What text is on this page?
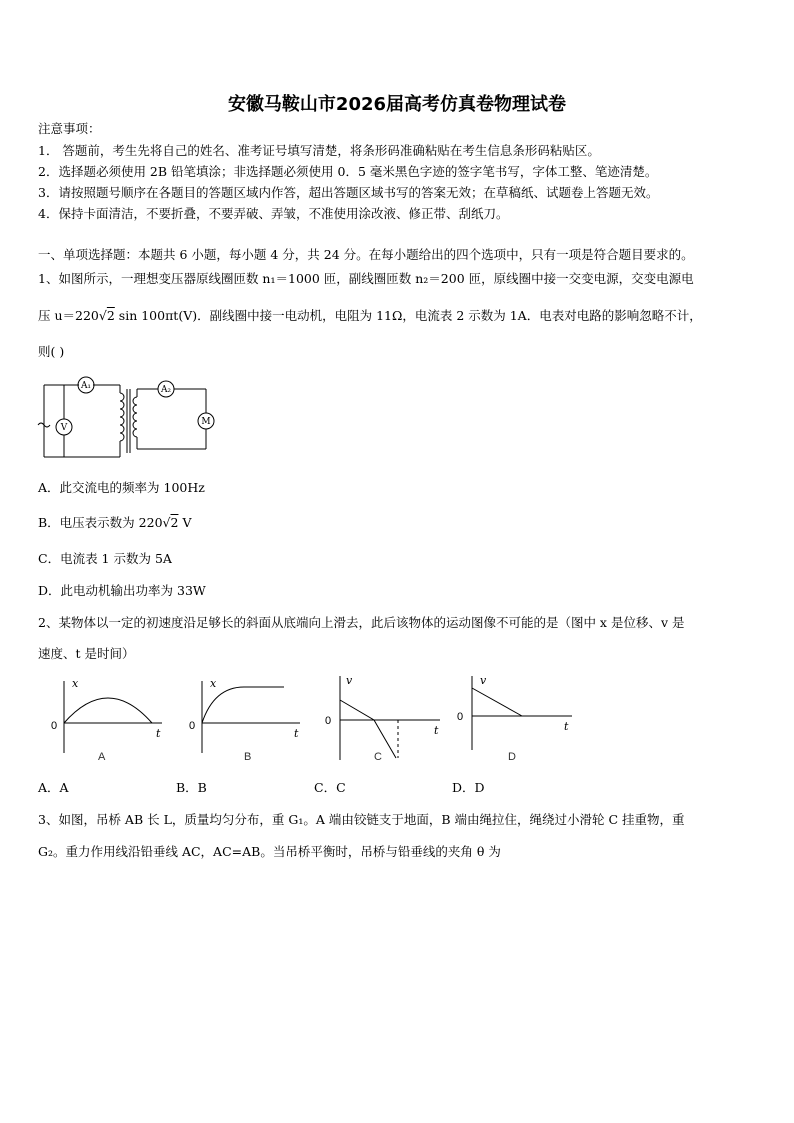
安徽马鞍山市2026届高考仿真卷物理试卷
注意事项：
1． 答题前，考生先将自己的姓名、准考证号填写清楚，将条形码准确粘贴在考生信息条形码粘贴区。
2．选择题必须使用 2B 铅笔填涂；非选择题必须使用 0．5 毫米黑色字迹的签字笔书写，字体工整、笔迹清楚。
3．请按照题号顺序在各题目的答题区域内作答，超出答题区域书写的答案无效；在草稿纸、试题卷上答题无效。
4．保持卡面清洁，不要折叠，不要弄破、弄皱，不准使用涂改液、修正带、刮纸刀。
一、单项选择题：本题共 6 小题，每小题 4 分，共 24 分。在每小题给出的四个选项中，只有一项是符合题目要求的。
1、如图所示，一理想变压器原线圈匝数 n₁＝1000 匝，副线圈匝数 n₂＝200 匝，原线圈中接一交变电源，交变电源电
压 u＝220√2 sin 100πt(V)．副线圈中接一电动机，电阻为 11Ω，电流表 2 示数为 1A．电表对电路的影响忽略不计，
则( )
A₁
V
A₂
M
A．此交流电的频率为 100Hz
B．电压表示数为 220√2 V
C．电流表 1 示数为 5A
D．此电动机输出功率为 33W
2、某物体以一定的初速度沿足够长的斜面从底端向上滑去，此后该物体的运动图像不可能的是（图中 x 是位移、v 是
速度、t 是时间）
x
t
0
A
x
t
0
B
v
t
0
C
v
t
0
D
A．A	B．B	C．C	D．D
3、如图，吊桥 AB 长 L，质量均匀分布，重 G₁。A 端由铰链支于地面，B 端由绳拉住，绳绕过小滑轮 C 挂重物，重
G₂。重力作用线沿铅垂线 AC，AC=AB。当吊桥平衡时，吊桥与铅垂线的夹角 θ 为
